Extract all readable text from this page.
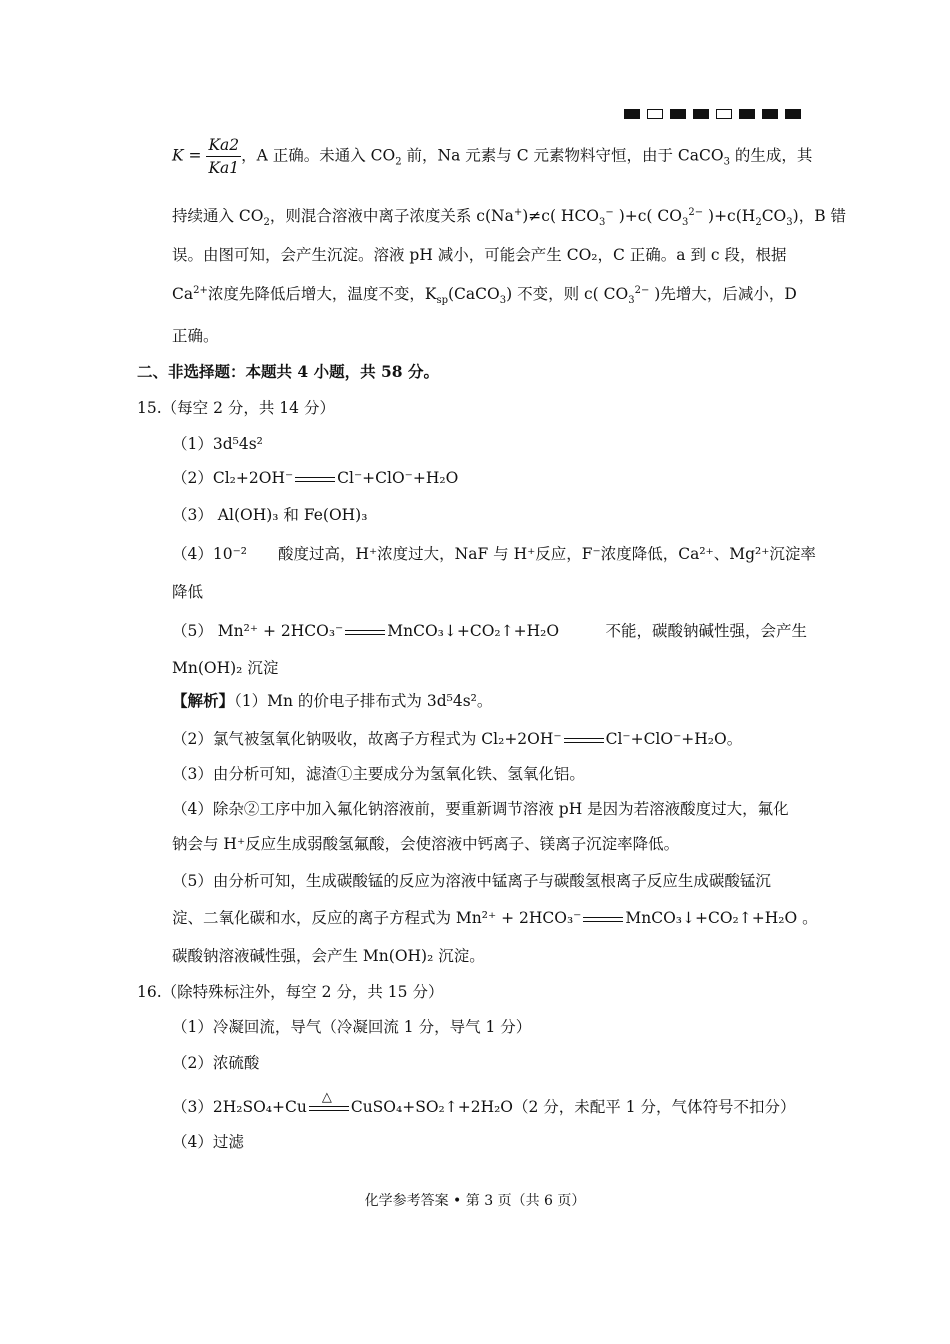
$K = \frac{Ka2}{Ka1}$ ，A 正确。未通入 $CO_2$ 前，Na 元素与 C 元素物料守恒，由于 CaCO$_3$ 的生成，其
持续通入 $CO_2$，则混合溶液中离子浓度关系 c(Na+)≠c( $HCO_3^-$ )+c( $CO_3^{2-}$ )$+c(H_2CO_3)$，B 错
误。由图可知，会产生沉淀。溶液 pH 减小，可能会产生 CO₂，C 正确。a 到 c 段，根据
$Ca^{2+}$浓度先降低后增大，温度不变，$K_{sp}(CaCO_3)$ 不变，则 c( $CO_3^{2-}$ )先增大，后减小，D
正确。
二、非选择题：本题共 4 小题，共 58 分。
15.（每空 2 分，共 14 分）
（1）3d⁵4s²
（2）Cl₂+2OH⁻	Cl⁻+ClO⁻+H₂O
（3） Al(OH)₃ 和 Fe(OH)₃
（4）10⁻²　　酸度过高，H⁺浓度过大，NaF 与 H⁺反应，F⁻浓度降低，Ca²⁺、Mg²⁺沉淀率
降低
（5） Mn²⁺ + 2HCO₃⁻	MnCO₃↓+CO₂↑+H₂O　　　不能，碳酸钠碱性强，会产生
Mn(OH)₂ 沉淀
【解析】（1）Mn 的价电子排布式为 3d⁵4s²。
（2）氯气被氢氧化钠吸收，故离子方程式为 Cl₂+2OH⁻	Cl⁻+ClO⁻+H₂O。
（3）由分析可知，滤渣①主要成分为氢氧化铁、氢氧化铝。
（4）除杂②工序中加入氟化钠溶液前，要重新调节溶液 pH 是因为若溶液酸度过大，氟化
钠会与 H⁺反应生成弱酸氢氟酸，会使溶液中钙离子、镁离子沉淀率降低。
（5）由分析可知，生成碳酸锰的反应为溶液中锰离子与碳酸氢根离子反应生成碳酸锰沉
淀、二氧化碳和水，反应的离子方程式为 Mn²⁺ + 2HCO₃⁻	MnCO₃↓+CO₂↑+H₂O 。
碳酸钠溶液碱性强，会产生 Mn(OH)₂ 沉淀。
16.（除特殊标注外，每空 2 分，共 15 分）
（1）冷凝回流，导气（冷凝回流 1 分，导气 1 分）
（2）浓硫酸
（3）2H₂SO₄+Cu
△
CuSO₄+SO₂↑+2H₂O（2 分，未配平 1 分，气体符号不扣分）
（4）过滤
化学参考答案 • 第 3 页（共 6 页）
